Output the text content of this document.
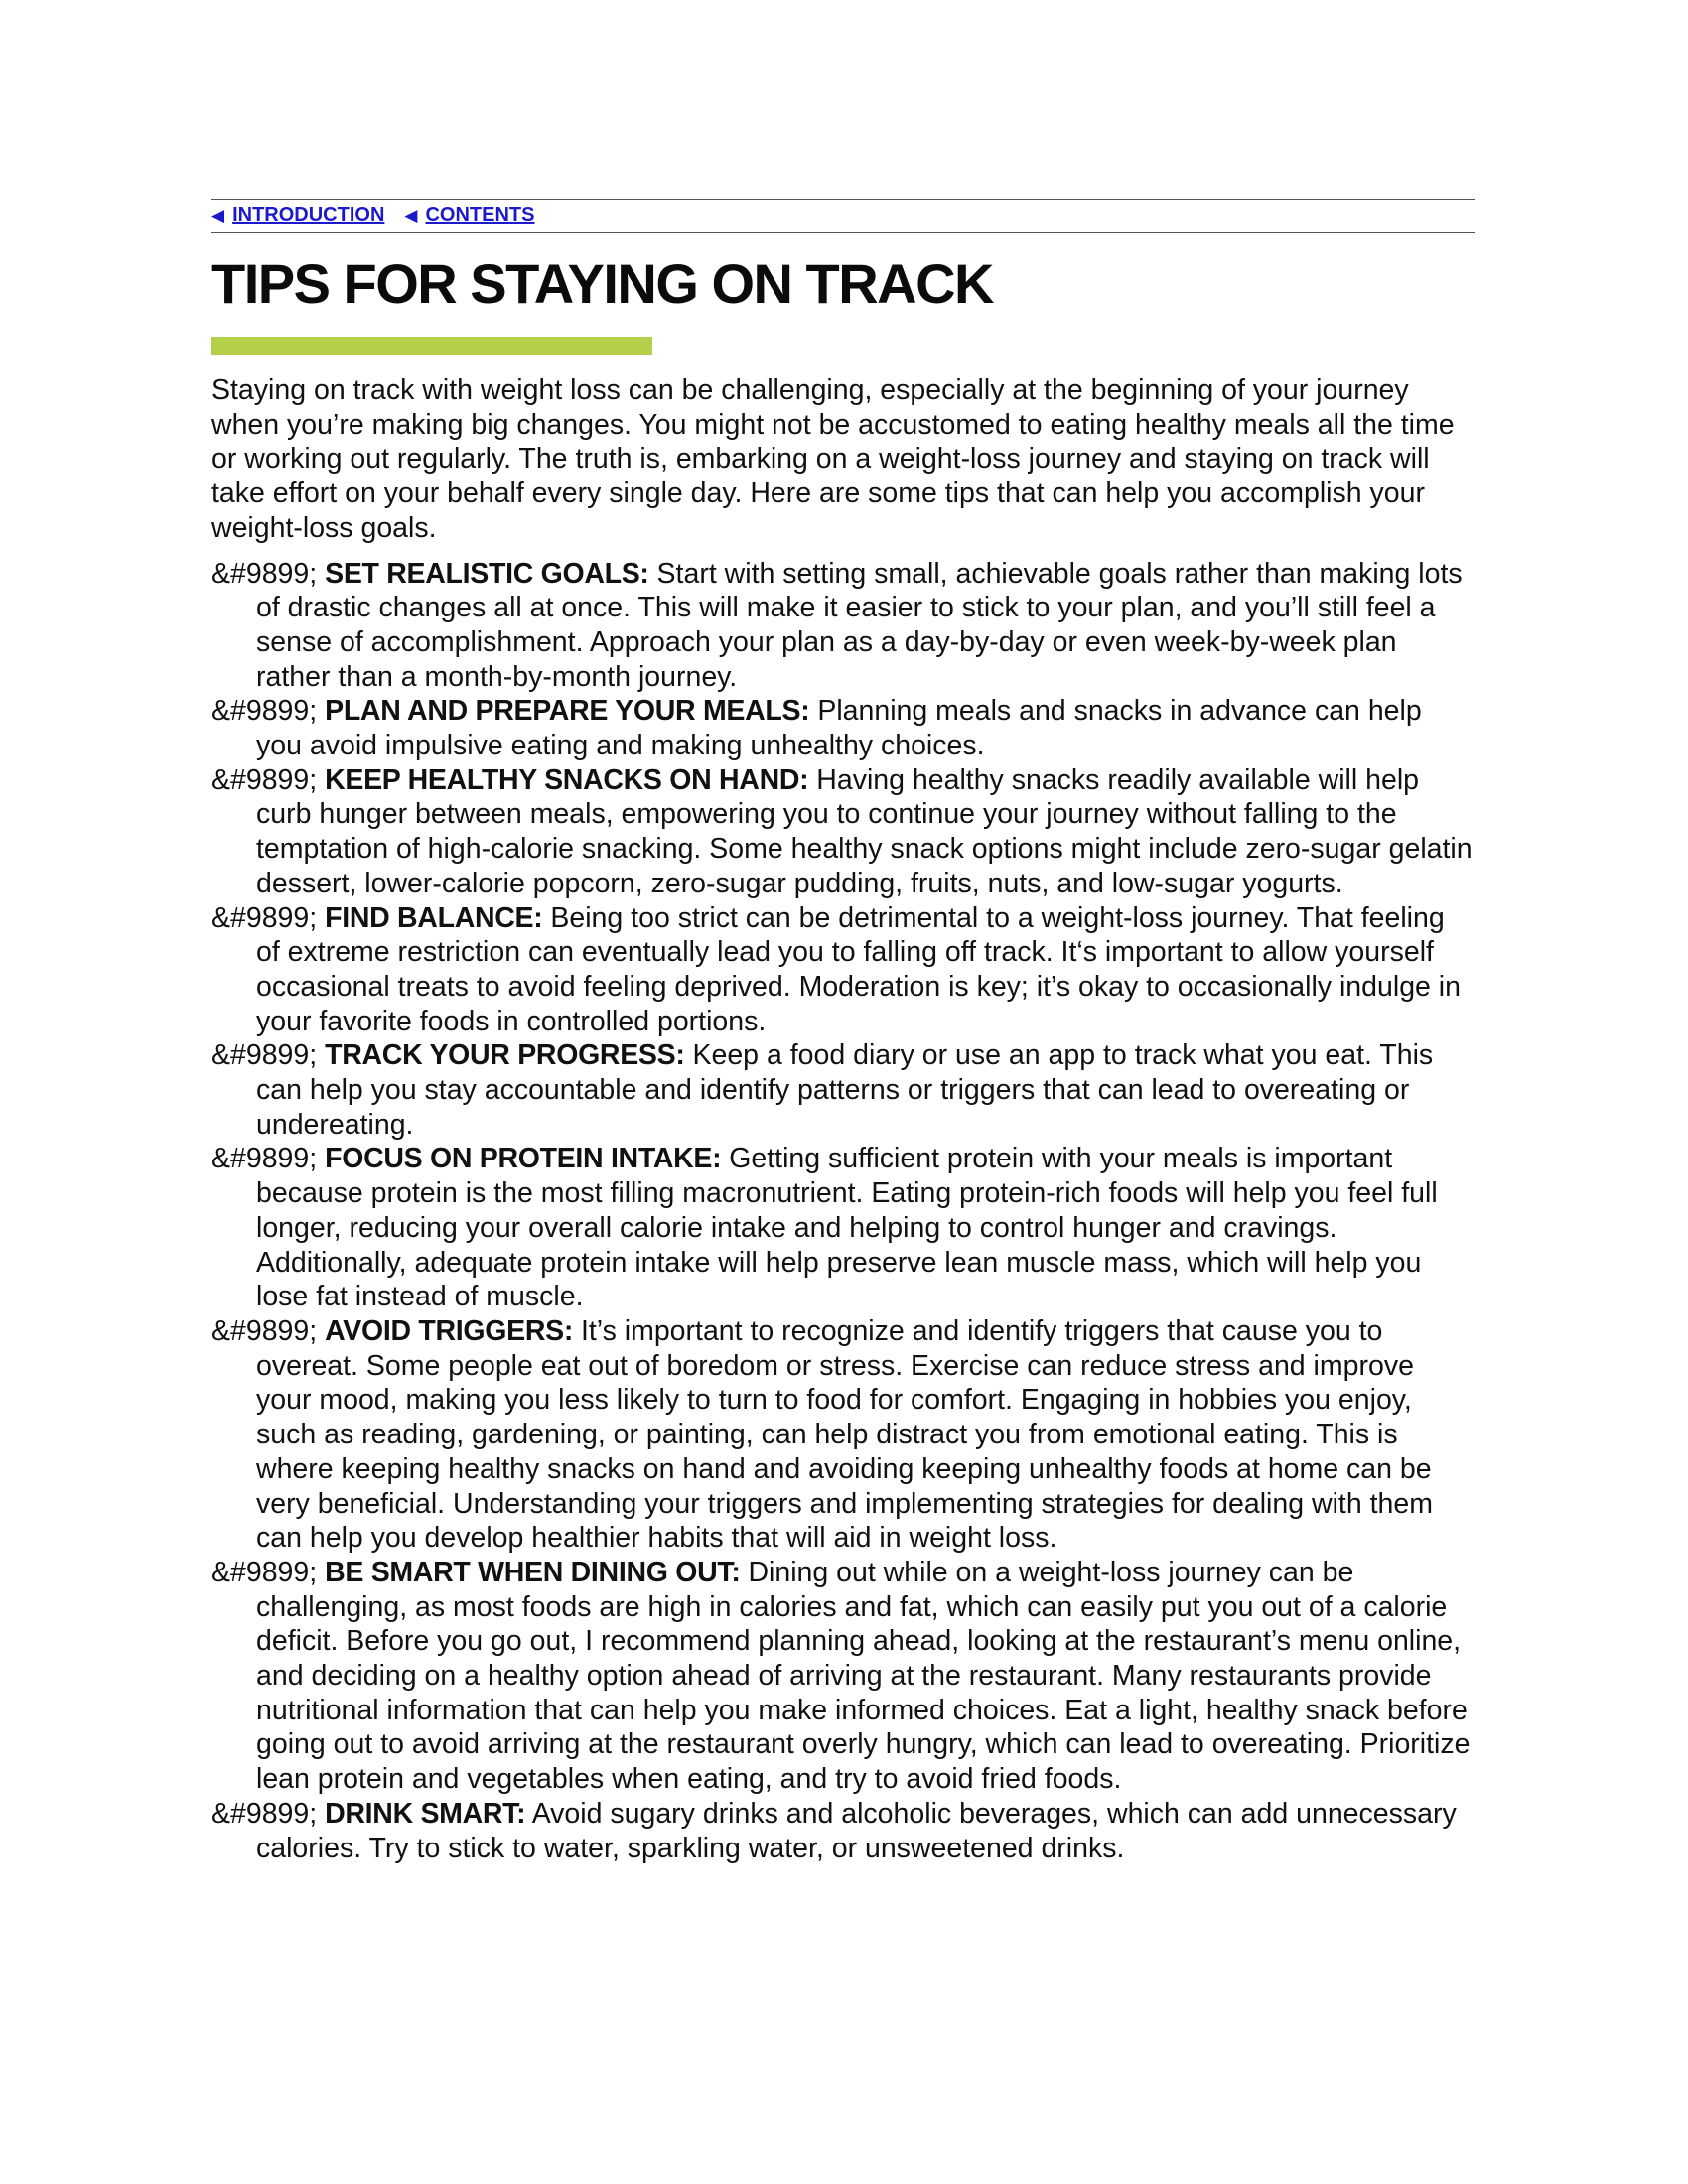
◀ INTRODUCTION ◀ CONTENTS
TIPS FOR STAYING ON TRACK

Staying on track with weight loss can be challenging, especially at the beginning of your journey when you’re making big changes. You might not be accustomed to eating healthy meals all the time or working out regularly. The truth is, embarking on a weight-loss journey and staying on track will take effort on your behalf every single day. Here are some tips that can help you accomplish your weight-loss goals.

&#9899; SET REALISTIC GOALS: Start with setting small, achievable goals rather than making lots of drastic changes all at once. This will make it easier to stick to your plan, and you’ll still feel a sense of accomplishment. Approach your plan as a day-by-day or even week-by-week plan rather than a month-by-month journey.
&#9899; PLAN AND PREPARE YOUR MEALS: Planning meals and snacks in advance can help you avoid impulsive eating and making unhealthy choices.
&#9899; KEEP HEALTHY SNACKS ON HAND: Having healthy snacks readily available will help curb hunger between meals, empowering you to continue your journey without falling to the temptation of high-calorie snacking. Some healthy snack options might include zero-sugar gelatin dessert, lower-calorie popcorn, zero-sugar pudding, fruits, nuts, and low-sugar yogurts.
&#9899; FIND BALANCE: Being too strict can be detrimental to a weight-loss journey. That feeling of extreme restriction can eventually lead you to falling off track. It‘s important to allow yourself occasional treats to avoid feeling deprived. Moderation is key; it’s okay to occasionally indulge in your favorite foods in controlled portions.
&#9899; TRACK YOUR PROGRESS: Keep a food diary or use an app to track what you eat. This can help you stay accountable and identify patterns or triggers that can lead to overeating or undereating.
&#9899; FOCUS ON PROTEIN INTAKE: Getting sufficient protein with your meals is important because protein is the most filling macronutrient. Eating protein-rich foods will help you feel full longer, reducing your overall calorie intake and helping to control hunger and cravings. Additionally, adequate protein intake will help preserve lean muscle mass, which will help you lose fat instead of muscle.
&#9899; AVOID TRIGGERS: It’s important to recognize and identify triggers that cause you to overeat. Some people eat out of boredom or stress. Exercise can reduce stress and improve your mood, making you less likely to turn to food for comfort. Engaging in hobbies you enjoy, such as reading, gardening, or painting, can help distract you from emotional eating. This is where keeping healthy snacks on hand and avoiding keeping unhealthy foods at home can be very beneficial. Understanding your triggers and implementing strategies for dealing with them can help you develop healthier habits that will aid in weight loss.
&#9899; BE SMART WHEN DINING OUT: Dining out while on a weight-loss journey can be challenging, as most foods are high in calories and fat, which can easily put you out of a calorie deficit. Before you go out, I recommend planning ahead, looking at the restaurant’s menu online, and deciding on a healthy option ahead of arriving at the restaurant. Many restaurants provide nutritional information that can help you make informed choices. Eat a light, healthy snack before going out to avoid arriving at the restaurant overly hungry, which can lead to overeating. Prioritize lean protein and vegetables when eating, and try to avoid fried foods.
&#9899; DRINK SMART: Avoid sugary drinks and alcoholic beverages, which can add unnecessary calories. Try to stick to water, sparkling water, or unsweetened drinks.
